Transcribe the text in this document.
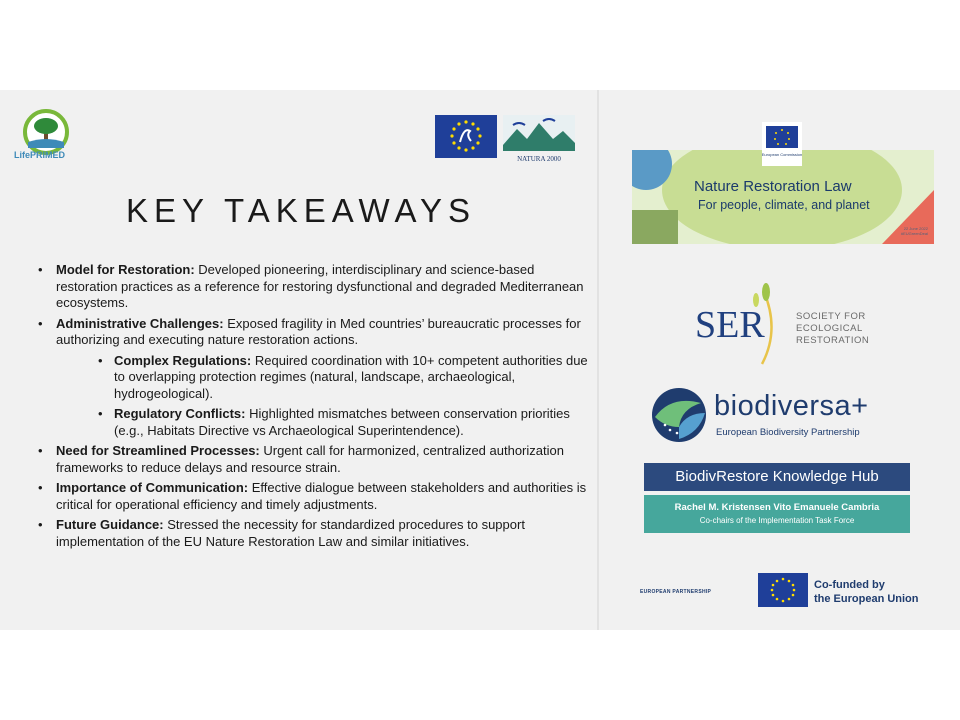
LifePRIMED	NATURA 2000
KEY TAKEAWAYS
• Model for Restoration: Developed pioneering, interdisciplinary and science-based restoration practices as a reference for restoring dysfunctional and degraded Mediterranean ecosystems.
• Administrative Challenges: Exposed fragility in Med countries’ bureaucratic processes for authorizing and executing nature restoration actions.
• Complex Regulations: Required coordination with 10+ competent authorities due to overlapping protection regimes (natural, landscape, archaeological, hydrogeological).
• Regulatory Conflicts: Highlighted mismatches between conservation priorities (e.g., Habitats Directive vs Archaeological Superintendence).
• Need for Streamlined Processes: Urgent call for harmonized, centralized authorization frameworks to reduce delays and resource strain.
• Importance of Communication: Effective dialogue between stakeholders and authorities is critical for operational efficiency and timely adjustments.
• Future Guidance: Stressed the necessity for standardized procedures to support implementation of the EU Nature Restoration Law and similar initiatives.
Nature Restoration Law
For people, climate, and planet
22 June 2022
#EUGreenDeal
European Commission
SER	SOCIETY FOR
ECOLOGICAL
RESTORATION
biodiversa+
European Biodiversity Partnership
BiodivRestore Knowledge Hub
Rachel M. Kristensen Vito Emanuele Cambria
Co-chairs of the Implementation Task Force
EUROPEAN PARTNERSHIP
Co-funded by
the European Union
